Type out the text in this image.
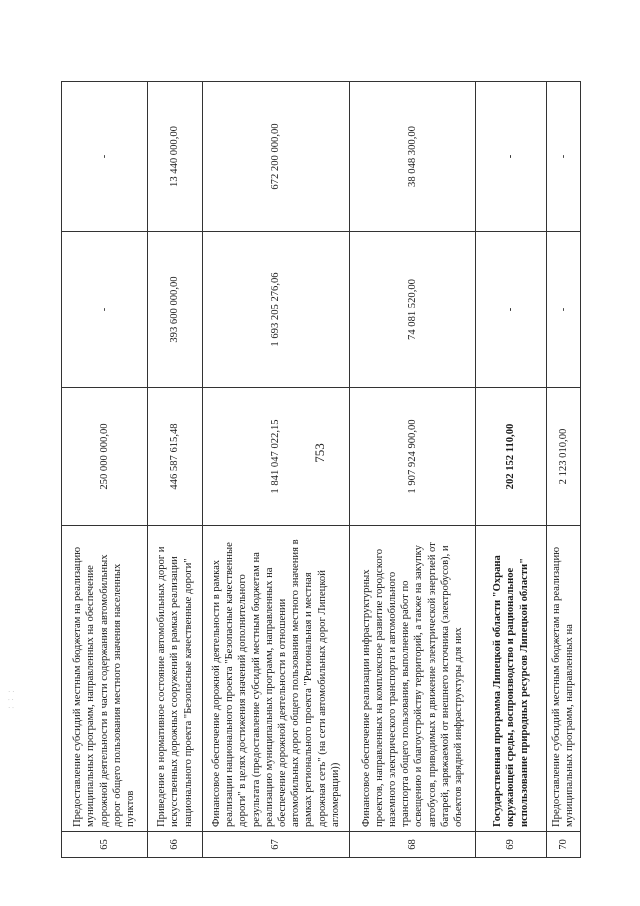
753
· ·
∙ ·
· ∙
65	Предоставление субсидий местным бюджетам на реализацию муниципальных программ, направленных на обеспечение дорожной деятельности в части содержания автомобильных дорог общего пользования местного значения населенных пунктов	250 000 000,00	-	-
66	Приведение в нормативное состояние автомобильных дорог и искусственных дорожных сооружений в рамках реализации национального проекта "Безопасные качественные дороги"	446 587 615,48	393 600 000,00	13 440 000,00
67	Финансовое обеспечение дорожной деятельности в рамках реализации национального проекта "Безопасные качественные дороги" в целях достижения значений дополнительного результата (предоставление субсидий местным бюджетам на реализацию муниципальных программ, направленных на обеспечение дорожной деятельности в отношении автомобильных дорог общего пользования местного значения в рамках регионального проекта "Региональная и местная дорожная сеть" (на сети автомобильных дорог Липецкой агломерации))	1 841 047 022,15	1 693 205 276,06	672 200 000,00
68	Финансовое обеспечение реализации инфраструктурных проектов, направленных на комплексное развитие городского наземного электрического транспорта и автомобильного транспорта общего пользования, выполнение работ по освещению и благоустройству территорий, а также на закупку автобусов, приводимых в движение электрической энергией от батарей, заряжаемой от внешнего источника (электробусов), и объектов зарядной инфраструктуры для них	1 907 924 900,00	74 081 520,00	38 048 300,00
69	Государственная программа Липецкой области "Охрана окружающей среды, воспроизводство и рациональное использование природных ресурсов Липецкой области"	202 152 110,00	-	-
70	Предоставление субсидий местным бюджетам на реализацию муниципальных программ, направленных на	2 123 010,00	-	-
